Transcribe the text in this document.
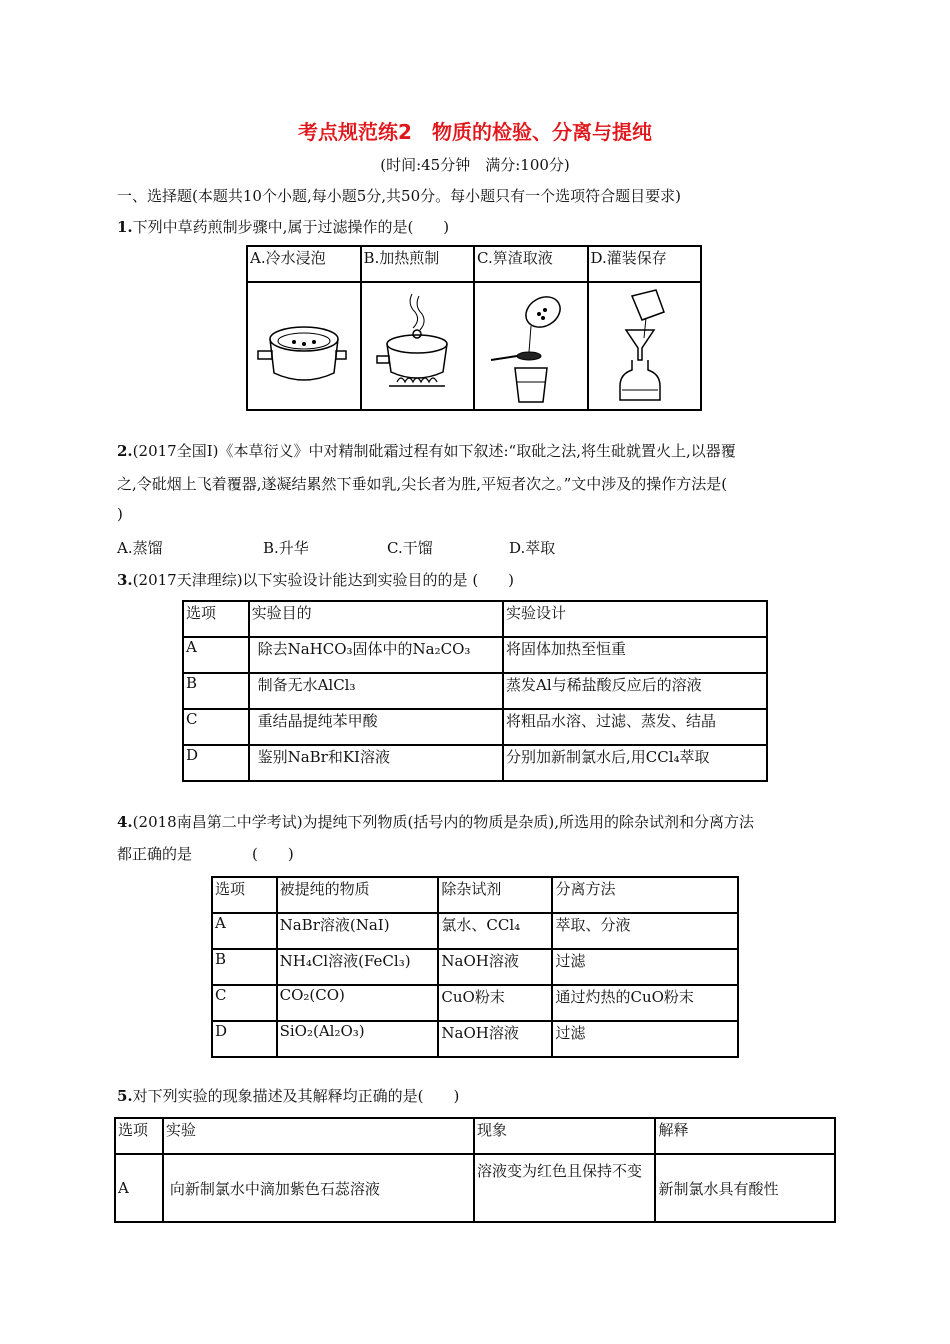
考点规范练2　物质的检验、分离与提纯
(时间:45分钟　满分:100分)
一、选择题(本题共10个小题,每小题5分,共50分。每小题只有一个选项符合题目要求)
1.下列中草药煎制步骤中,属于过滤操作的是(　　)
A.冷水浸泡	B.加热煎制	C.箅渣取液	D.灌装保存

2.(2017全国Ⅰ)《本草衍义》中对精制砒霜过程有如下叙述:“取砒之法,将生砒就置火上,以器覆
之,令砒烟上飞着覆器,遂凝结累然下垂如乳,尖长者为胜,平短者次之。”文中涉及的操作方法是(
)
A.蒸馏	B.升华	C.干馏	D.萃取
3.(2017天津理综)以下实验设计能达到实验目的的是 (　　)
选项	实验目的	实验设计
A	除去NaHCO₃固体中的Na₂CO₃	将固体加热至恒重
B	制备无水AlCl₃	蒸发Al与稀盐酸反应后的溶液
C	重结晶提纯苯甲酸	将粗品水溶、过滤、蒸发、结晶
D	鉴别NaBr和KI溶液	分别加新制氯水后,用CCl₄萃取
4.(2018南昌第二中学考试)为提纯下列物质(括号内的物质是杂质),所选用的除杂试剂和分离方法
都正确的是　　　　(　　)
选项	被提纯的物质	除杂试剂	分离方法
A	NaBr溶液(NaI)	氯水、CCl₄	萃取、分液
B	NH₄Cl溶液(FeCl₃)	NaOH溶液	过滤
C	CO₂(CO)	CuO粉末	通过灼热的CuO粉末
D	SiO₂(Al₂O₃)	NaOH溶液	过滤
5.对下列实验的现象描述及其解释均正确的是(　　)
选项	实验	现象	解释
A	向新制氯水中滴加紫色石蕊溶液	溶液变为红色且保持不变	新制氯水具有酸性
